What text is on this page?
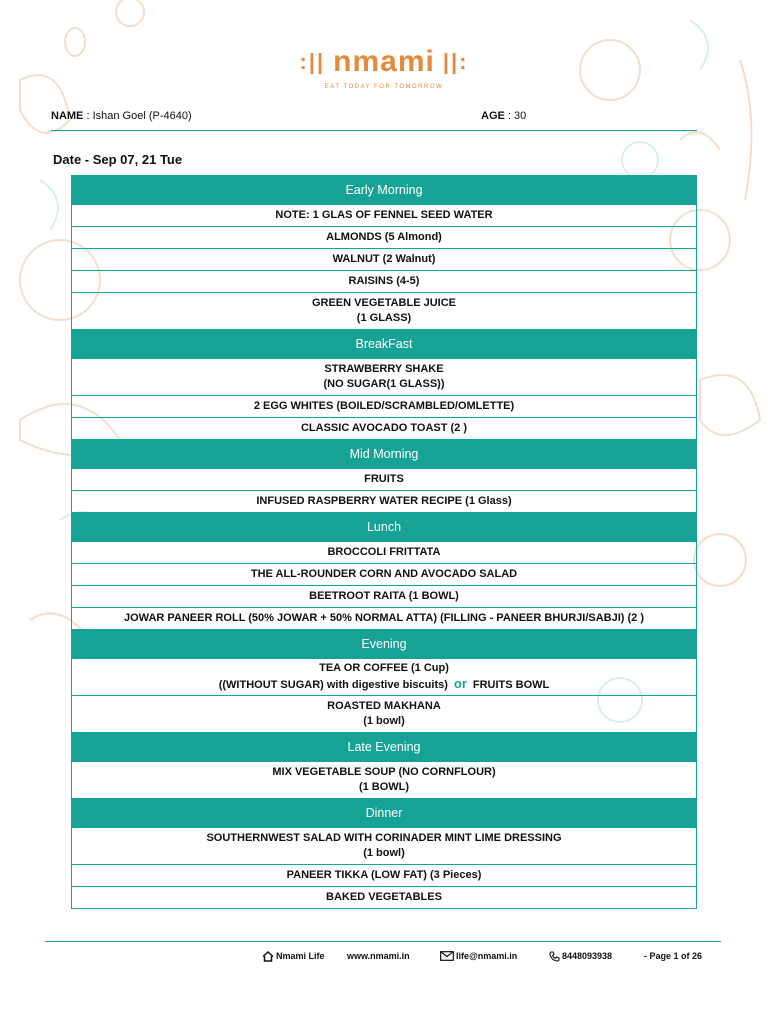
:|| nmami ||:
EAT TODAY FOR TOMORROW
NAME : Ishan Goel (P-4640)	AGE : 30
Date - Sep 07, 21 Tue
Early Morning
NOTE: 1 GLAS OF FENNEL SEED WATER
ALMONDS (5 Almond)
WALNUT (2 Walnut)
RAISINS (4-5)
GREEN VEGETABLE JUICE
(1 GLASS)
BreakFast
STRAWBERRY SHAKE
(NO SUGAR(1 GLASS))
2 EGG WHITES (BOILED/SCRAMBLED/OMLETTE)
CLASSIC AVOCADO TOAST (2 )
Mid Morning
FRUITS
INFUSED RASPBERRY WATER RECIPE (1 Glass)
Lunch
BROCCOLI FRITTATA
THE ALL-ROUNDER CORN AND AVOCADO SALAD
BEETROOT RAITA (1 BOWL)
JOWAR PANEER ROLL (50% JOWAR + 50% NORMAL ATTA) (FILLING - PANEER BHURJI/SABJI) (2 )
Evening
TEA OR COFFEE (1 Cup)
((WITHOUT SUGAR) with digestive biscuits) or FRUITS BOWL
ROASTED MAKHANA
(1 bowl)
Late Evening
MIX VEGETABLE SOUP (NO CORNFLOUR)
(1 BOWL)
Dinner
SOUTHERNWEST SALAD WITH CORINADER MINT LIME DRESSING
(1 bowl)
PANEER TIKKA (LOW FAT) (3 Pieces)
BAKED VEGETABLES
Nmami Life www.nmami.in	life@nmami.in	8448093938	- Page 1 of 26
